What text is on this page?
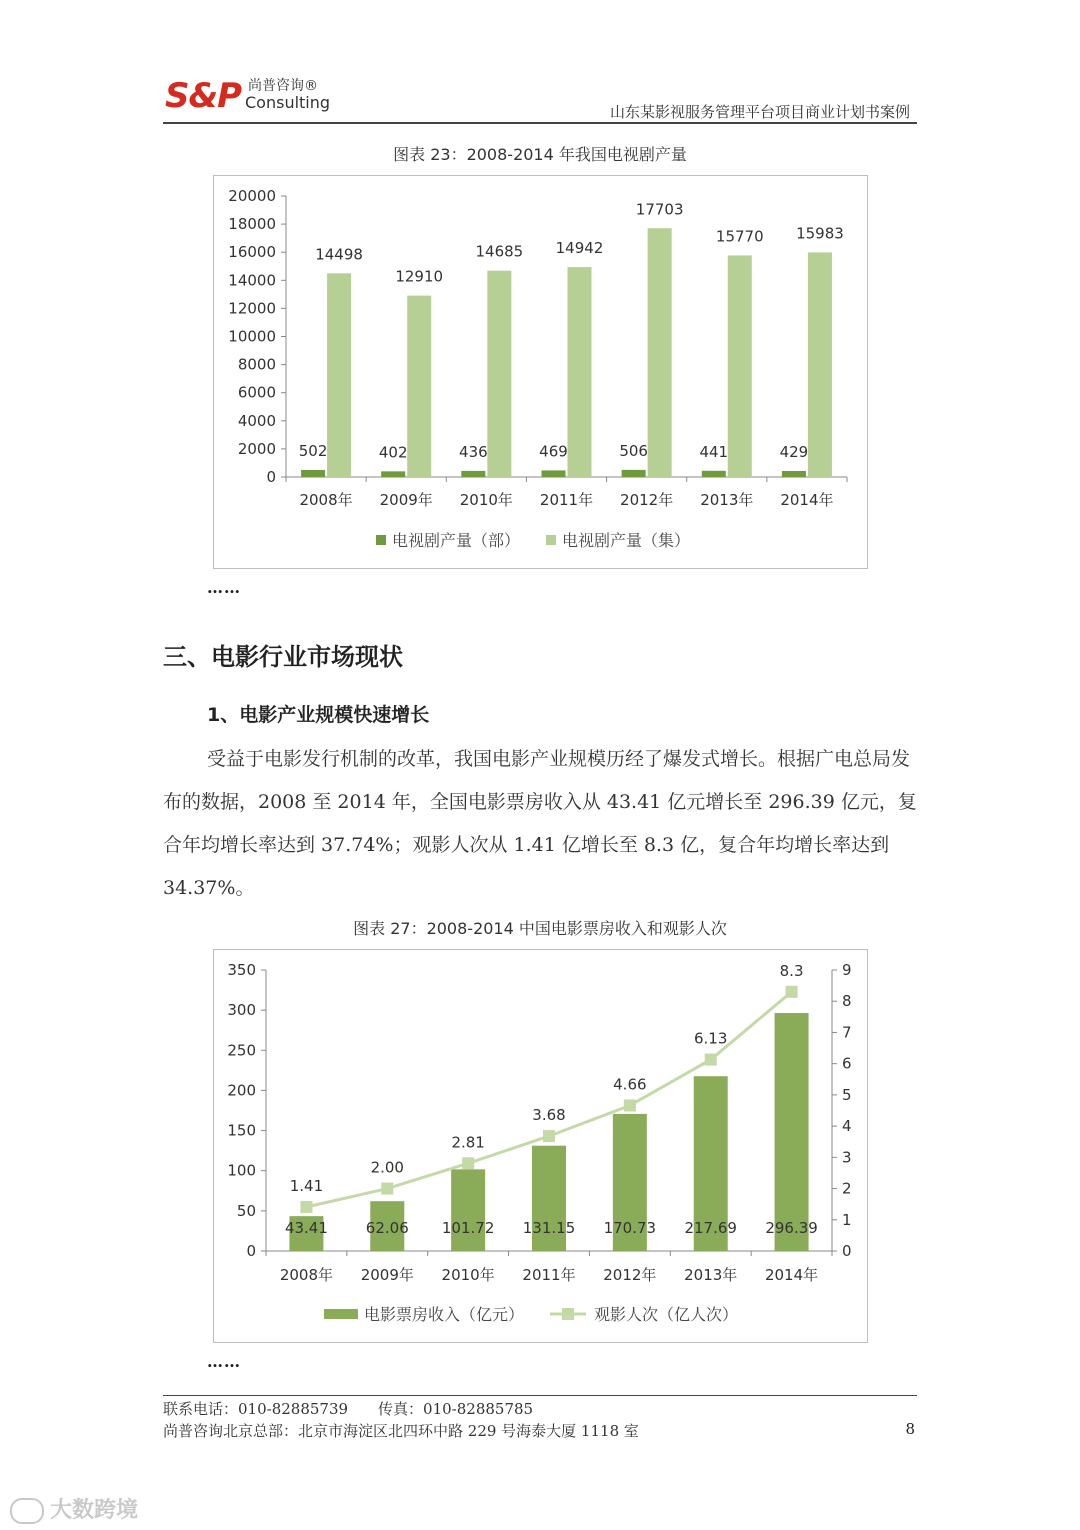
S&P 尚普咨询®
Consulting	山东某影视服务管理平台项目商业计划书案例
图表 23：2008-2014 年我国电视剧产量
0
2000
4000
6000
8000
10000
12000
14000
16000
18000
20000
2008年
502
14498
2009年
402
12910
2010年
436
14685
2011年
469
14942
2012年
506
17703
2013年
441
15770
2014年
429
15983
电视剧产量（部）	电视剧产量（集）
……
三、电影行业市场现状
1、电影产业规模快速增长
受益于电影发行机制的改革，我国电影产业规模历经了爆发式增长。根据广电总局发布的数据，2008 至 2014 年，全国电影票房收入从 43.41 亿元增长至 296.39 亿元，复合年均增长率达到 37.74%；观影人次从 1.41 亿增长至 8.3 亿，复合年均增长率达到 34.37%。
图表 27：2008-2014 中国电影票房收入和观影人次
0
50
100
150
200
250
300
350
0
1
2
3
4
5
6
7
8
9
2008年
43.41
2009年
62.06
2010年
101.72
2011年
131.15
2012年
170.73
2013年
217.69
2014年
296.39
1.41
2.00
2.81
3.68
4.66
6.13
8.3
电影票房收入（亿元）	观影人次（亿人次）
……
联系电话：010-82885739　　传真：010-82885785
尚普咨询北京总部：北京市海淀区北四环中路 229 号海泰大厦 1118 室	8
大数跨境
